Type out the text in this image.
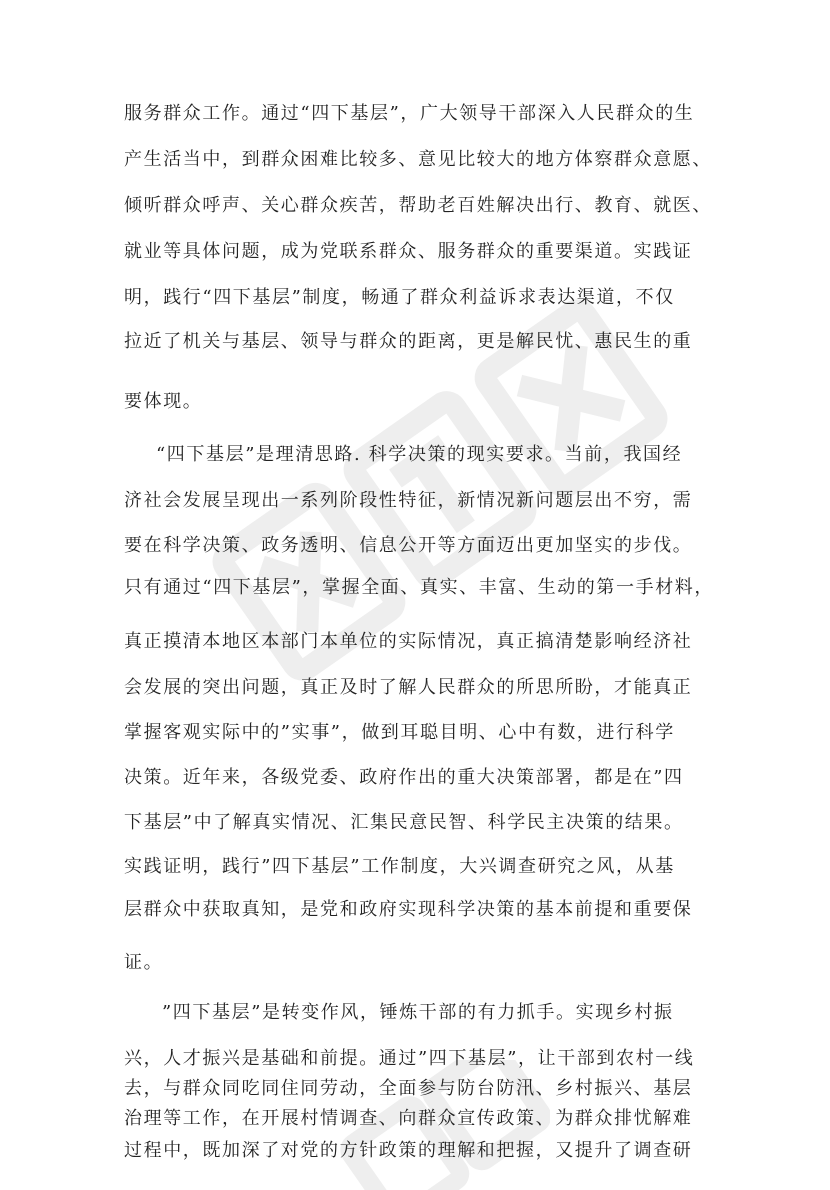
服务群众工作。通过“四下基层”，广大领导干部深入人民群众的生

产生活当中，到群众困难比较多、意见比较大的地方体察群众意愿、

倾听群众呼声、关心群众疾苦，帮助老百姓解决出行、教育、就医、

就业等具体问题，成为党联系群众、服务群众的重要渠道。实践证

明，践行“四下基层”制度，畅通了群众利益诉求表达渠道，不仅

拉近了机关与基层、领导与群众的距离，更是解民忧、惠民生的重

要体现。

“四下基层”是理清思路. 科学决策的现实要求。当前，我国经

济社会发展呈现出一系列阶段性特征，新情况新问题层出不穷，需

要在科学决策、政务透明、信息公开等方面迈出更加坚实的步伐。

只有通过“四下基层”，掌握全面、真实、丰富、生动的第一手材料，

真正摸清本地区本部门本单位的实际情况，真正搞清楚影响经济社

会发展的突出问题，真正及时了解人民群众的所思所盼，才能真正

掌握客观实际中的”实事”，做到耳聪目明、心中有数，进行科学

决策。近年来，各级党委、政府作出的重大决策部署，都是在”四

下基层”中了解真实情况、汇集民意民智、科学民主决策的结果。

实践证明，践行”四下基层”工作制度，大兴调查研究之风，从基

层群众中获取真知，是党和政府实现科学决策的基本前提和重要保

证。

”四下基层”是转变作风，锤炼干部的有力抓手。实现乡村振

兴，人才振兴是基础和前提。通过”四下基层”，让干部到农村一线

去，与群众同吃同住同劳动，全面参与防台防汛、乡村振兴、基层

治理等工作，在开展村情调查、向群众宣传政策、为群众排忧解难

过程中，既加深了对党的方针政策的理解和把握，又提升了调查研
